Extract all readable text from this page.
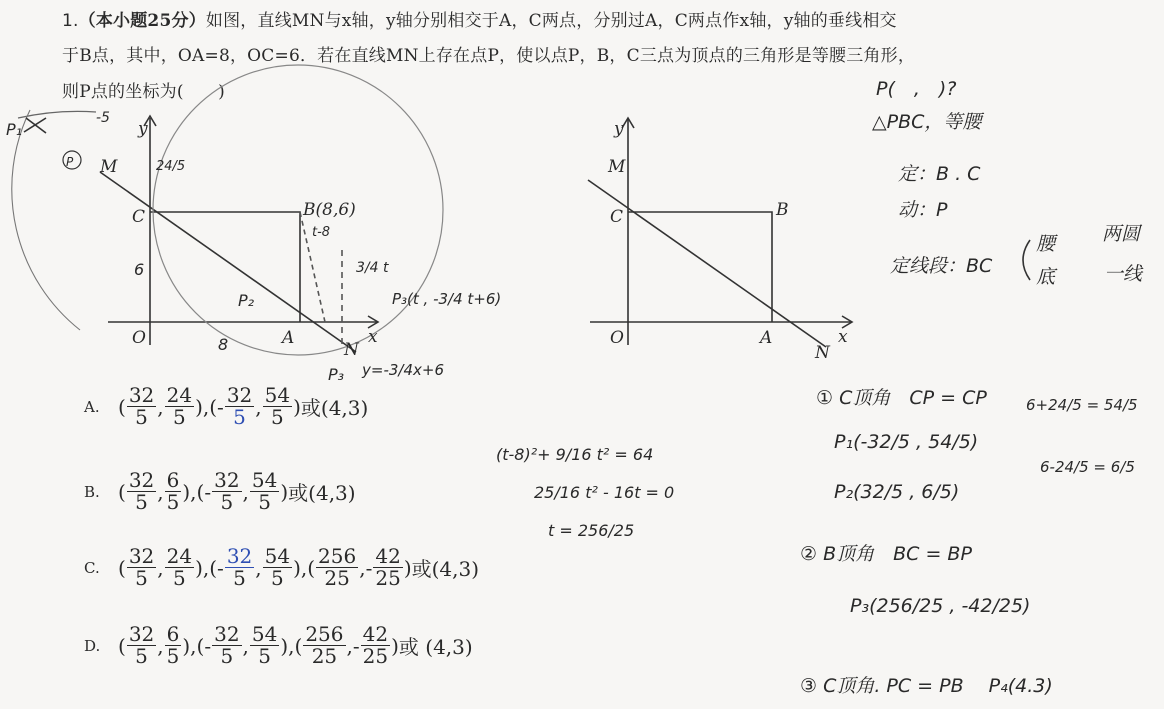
1.（本小题25分）如图，直线MN与x轴，y轴分别相交于A，C两点，分别过A，C两点作x轴，y轴的垂线相交
于B点，其中，OA=8，OC=6．若在直线MN上存在点P，使以点P，B，C三点为顶点的三角形是等腰三角形，
则P点的坐标为(　　)
M
C
O	A
B(8,6)
N
x
y
M
C
O	A
B
N
x
y
6
8
P₁
P₂
P₃
P
-5
24/5
t-8
3/4 t
P₃(t , -3/4 t+6)
y=-3/4x+6
P(　,　)?
△PBC，等腰
定：B . C
动：P
定线段：BC
腰
底
两圆
一线
① C顶角　CP = CP
P₁(-32/5 , 54/5)
P₂(32/5 , 6/5)
6+24/5 = 54/5
6-24/5 = 6/5
(t-8)²+ 9/16 t² = 64
25/16 t² - 16t = 0
t = 256/25
② B顶角　BC = BP
P₃(256/25 , -42/25)
③ C顶角. PC = PB　 P₄(4.3)
A. ( $\frac{32}{5}$ , $\frac{24}{5}$ ),(- $\frac{32}{5}$ , $\frac{54}{5}$ ) 或(4,3)
B. ( $\frac{32}{5}$ , $\frac{6}{5}$ ),(- $\frac{32}{5}$ , $\frac{54}{5}$ ) 或(4,3)
C. ( $\frac{32}{5}$ , $\frac{24}{5}$ ),(- $\frac{32}{5}$ , $\frac{54}{5}$ ),( $\frac{256}{25}$ ,- $\frac{42}{25}$ ) 或(4,3)
D. ( $\frac{32}{5}$ , $\frac{6}{5}$ ),(- $\frac{32}{5}$ , $\frac{54}{5}$ ),( $\frac{256}{25}$ ,- $\frac{42}{25}$ ) 或 (4,3)
